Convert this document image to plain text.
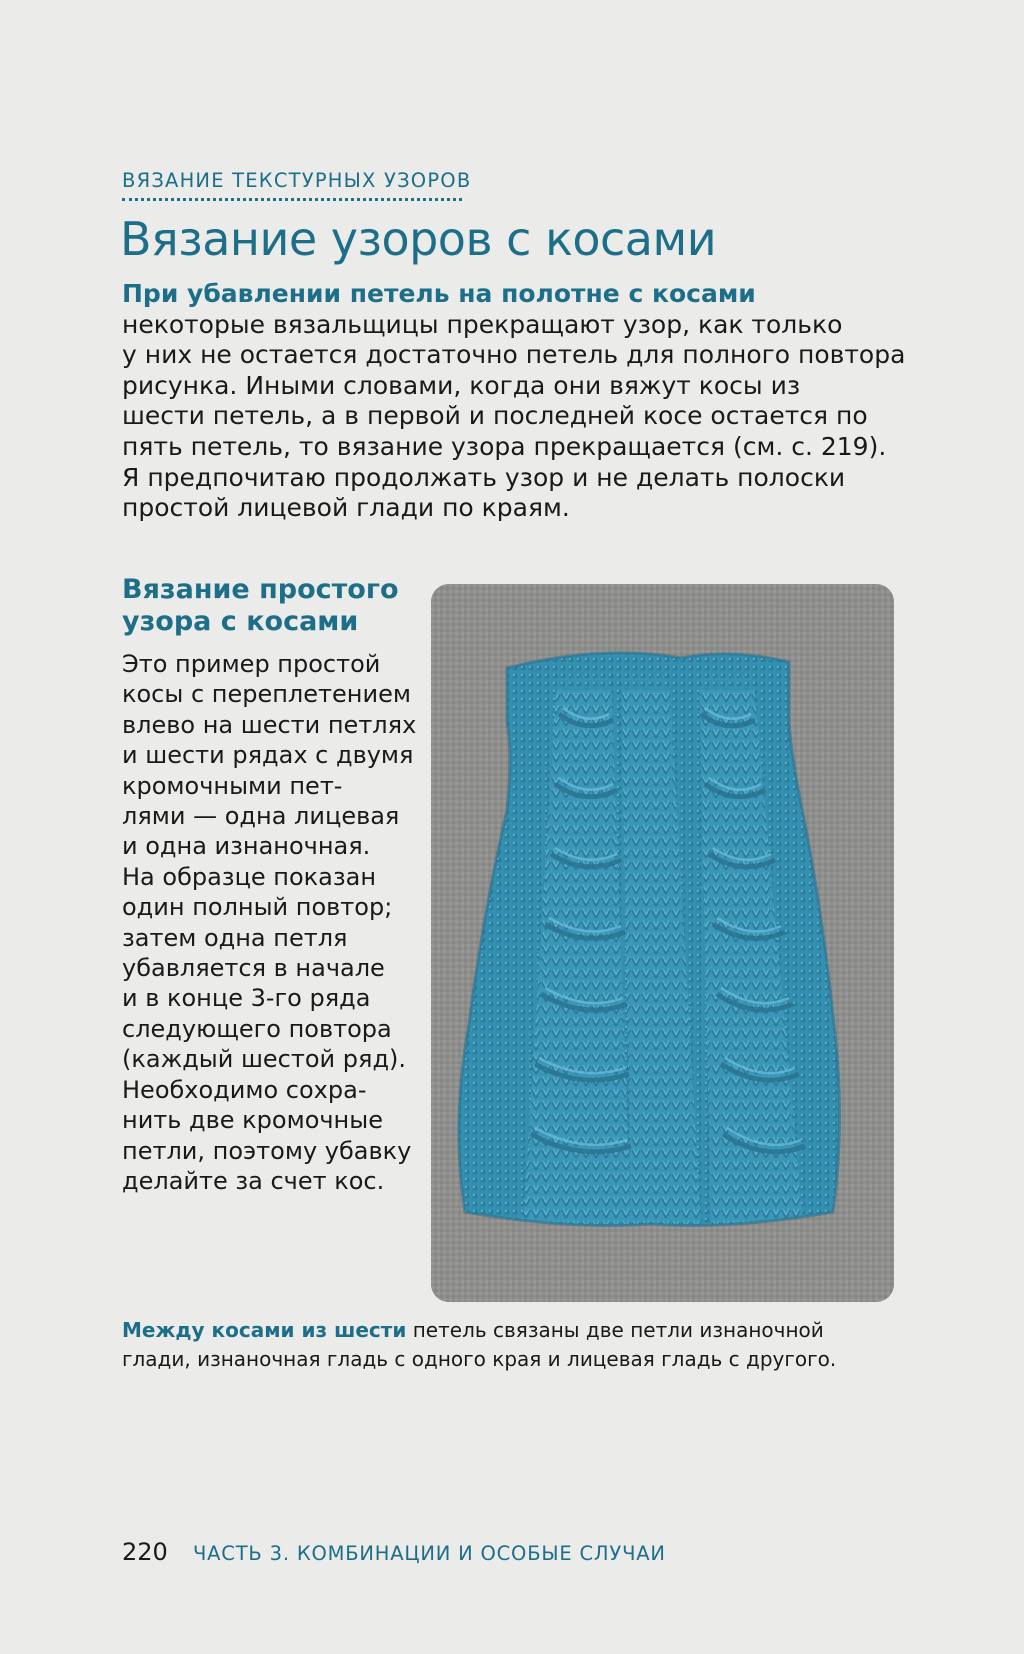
ВЯЗАНИЕ ТЕКСТУРНЫХ УЗОРОВ
Вязание узоров с косами
При убавлении петель на полотне с косами
некоторые вязальщицы прекращают узор, как только
у них не остается достаточно петель для полного повтора
рисунка. Иными словами, когда они вяжут косы из
шести петель, а в первой и последней косе остается по
пять петель, то вязание узора прекращается (см. с. 219).
Я предпочитаю продолжать узор и не делать полоски
простой лицевой глади по краям.
Вязание простого
узора с косами
Это пример простой
косы с переплетением
влево на шести петлях
и шести рядах с двумя
кромочными пет-
лями — одна лицевая
и одна изнаночная.
На образце показан
один полный повтор;
затем одна петля
убавляется в начале
и в конце 3-го ряда
следующего повтора
(каждый шестой ряд).
Необходимо сохра-
нить две кромочные
петли, поэтому убавку
делайте за счет кос.
Между косами из шести петель связаны две петли изнаночной
глади, изнаночная гладь с одного края и лицевая гладь с другого.
220 ЧАСТЬ 3. КОМБИНАЦИИ И ОСОБЫЕ СЛУЧАИ
